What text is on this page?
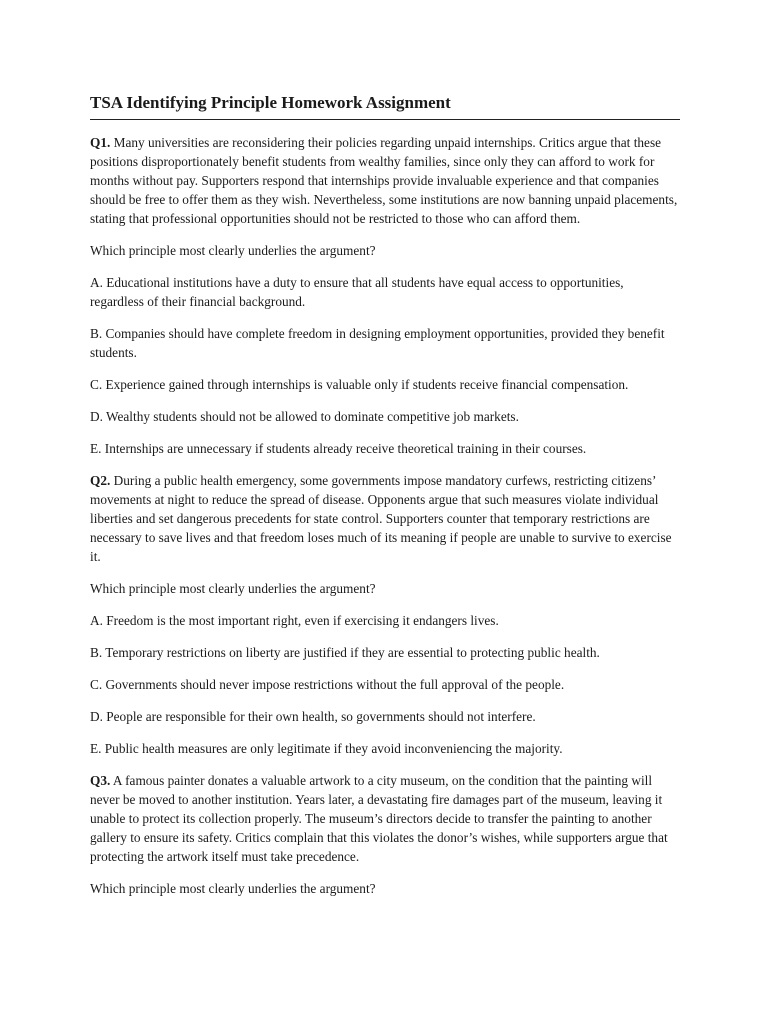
TSA Identifying Principle Homework Assignment

Q1. Many universities are reconsidering their policies regarding unpaid internships. Critics argue that these positions disproportionately benefit students from wealthy families, since only they can afford to work for months without pay. Supporters respond that internships provide invaluable experience and that companies should be free to offer them as they wish. Nevertheless, some institutions are now banning unpaid placements, stating that professional opportunities should not be restricted to those who can afford them.

Which principle most clearly underlies the argument?

A. Educational institutions have a duty to ensure that all students have equal access to opportunities, regardless of their financial background.

B. Companies should have complete freedom in designing employment opportunities, provided they benefit students.

C. Experience gained through internships is valuable only if students receive financial compensation.

D. Wealthy students should not be allowed to dominate competitive job markets.

E. Internships are unnecessary if students already receive theoretical training in their courses.

Q2. During a public health emergency, some governments impose mandatory curfews, restricting citizens’ movements at night to reduce the spread of disease. Opponents argue that such measures violate individual liberties and set dangerous precedents for state control. Supporters counter that temporary restrictions are necessary to save lives and that freedom loses much of its meaning if people are unable to survive to exercise it.

Which principle most clearly underlies the argument?

A. Freedom is the most important right, even if exercising it endangers lives.

B. Temporary restrictions on liberty are justified if they are essential to protecting public health.

C. Governments should never impose restrictions without the full approval of the people.

D. People are responsible for their own health, so governments should not interfere.

E. Public health measures are only legitimate if they avoid inconveniencing the majority.

Q3. A famous painter donates a valuable artwork to a city museum, on the condition that the painting will never be moved to another institution. Years later, a devastating fire damages part of the museum, leaving it unable to protect its collection properly. The museum’s directors decide to transfer the painting to another gallery to ensure its safety. Critics complain that this violates the donor’s wishes, while supporters argue that protecting the artwork itself must take precedence.

Which principle most clearly underlies the argument?
